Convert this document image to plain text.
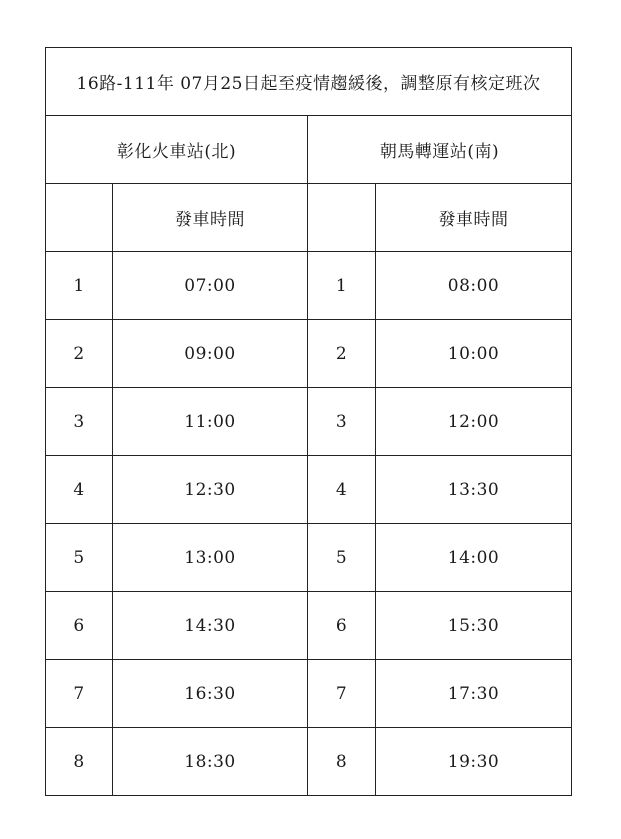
16路-111年 07月25日起至疫情趨緩後，調整原有核定班次			
彰化火車站(北)		朝馬轉運站(南)	
	發車時間		發車時間
1	07:00	1	08:00
2	09:00	2	10:00
3	11:00	3	12:00
4	12:30	4	13:30
5	13:00	5	14:00
6	14:30	6	15:30
7	16:30	7	17:30
8	18:30	8	19:30
